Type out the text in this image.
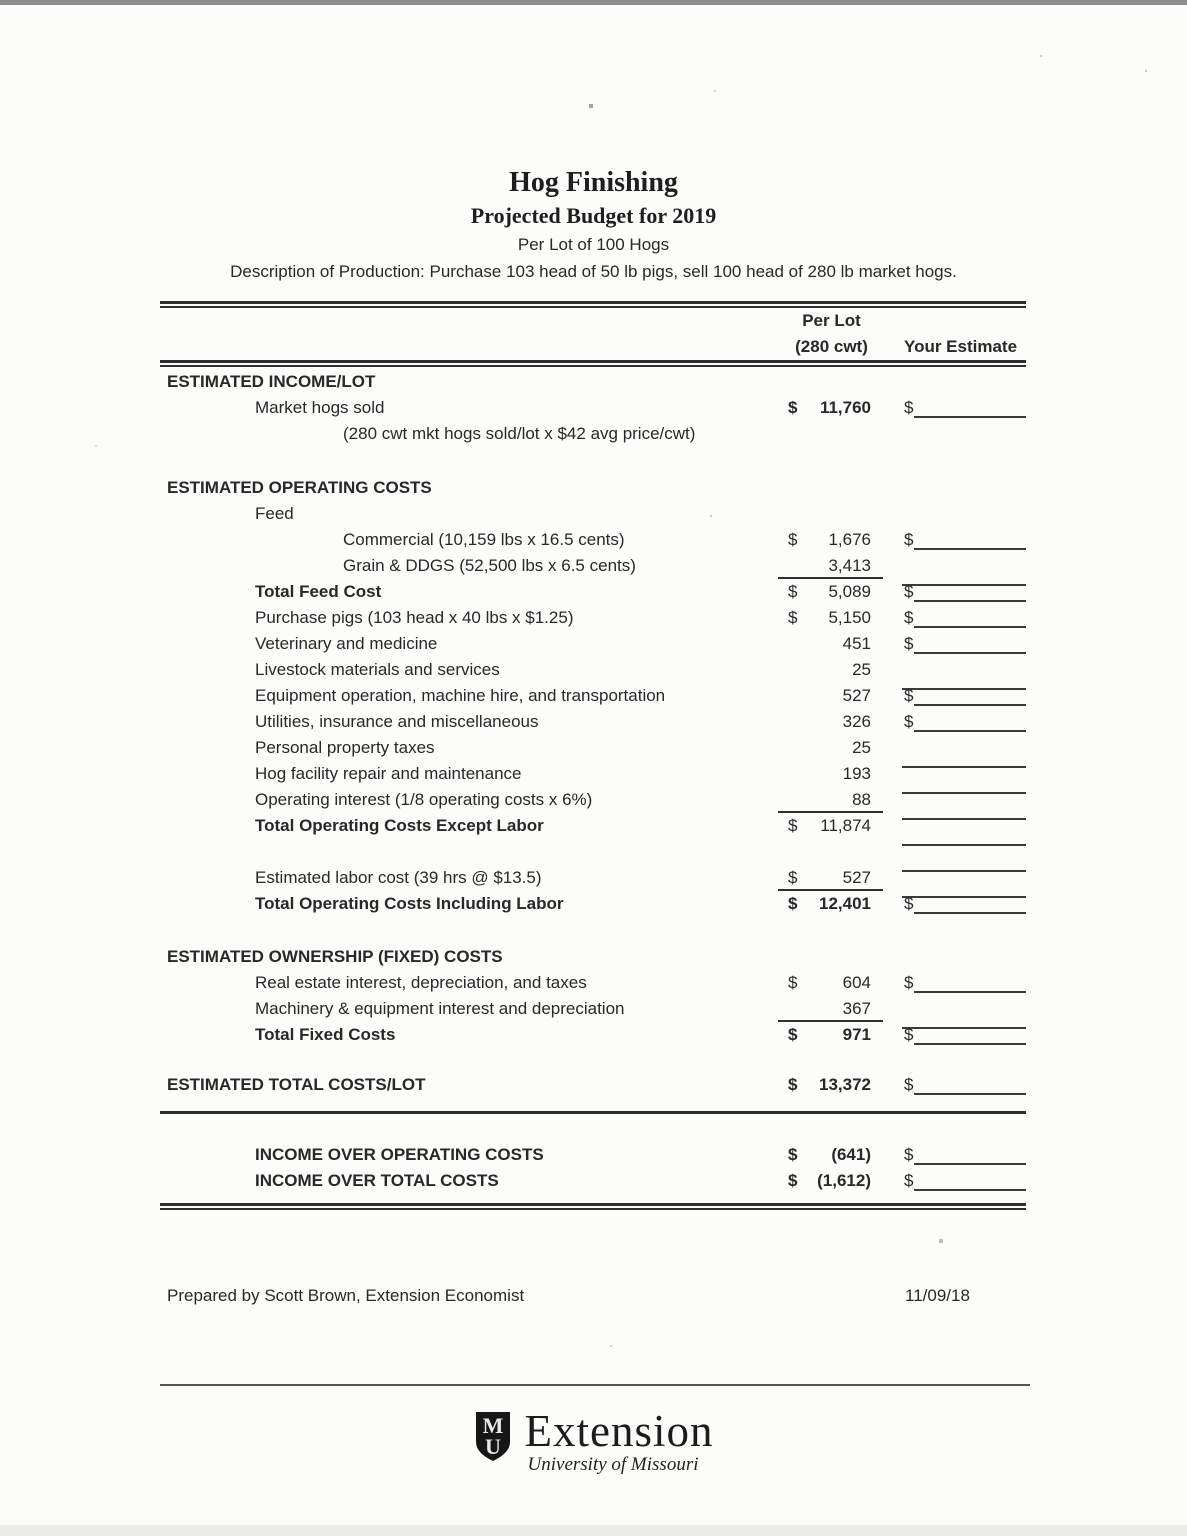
Hog Finishing
Projected Budget for 2019
Per Lot of 100 Hogs
Description of Production: Purchase 103 head of 50 lb pigs, sell 100 head of 280 lb market hogs.
Per Lot
(280 cwt)	Your Estimate
ESTIMATED INCOME/LOT
Market hogs sold	$	11,760	$
(280 cwt mkt hogs sold/lot x $42 avg price/cwt)
ESTIMATED OPERATING COSTS
Feed
Commercial (10,159 lbs x 16.5 cents)	$	1,676	$
Grain & DDGS (52,500 lbs x 6.5 cents)	3,413
Total Feed Cost	$	5,089	$
Purchase pigs (103 head x 40 lbs x $1.25)	$	5,150	$
Veterinary and medicine	451	$
Livestock materials and services	25
Equipment operation, machine hire, and transportation	527	$
Utilities, insurance and miscellaneous	326	$
Personal property taxes	25
Hog facility repair and maintenance	193
Operating interest (1/8 operating costs x 6%)	88
Total Operating Costs Except Labor	$	11,874
Estimated labor cost (39 hrs @ $13.5)	$	527
Total Operating Costs Including Labor	$	12,401	$
ESTIMATED OWNERSHIP (FIXED) COSTS
Real estate interest, depreciation, and taxes	$	604	$
Machinery & equipment interest and depreciation	367
Total Fixed Costs	$	971	$
ESTIMATED TOTAL COSTS/LOT	$	13,372	$
INCOME OVER OPERATING COSTS	$	(641)	$
INCOME OVER TOTAL COSTS	$	(1,612)	$
Prepared by Scott Brown, Extension Economist	11/09/18
M
U Extension
University of Missouri
